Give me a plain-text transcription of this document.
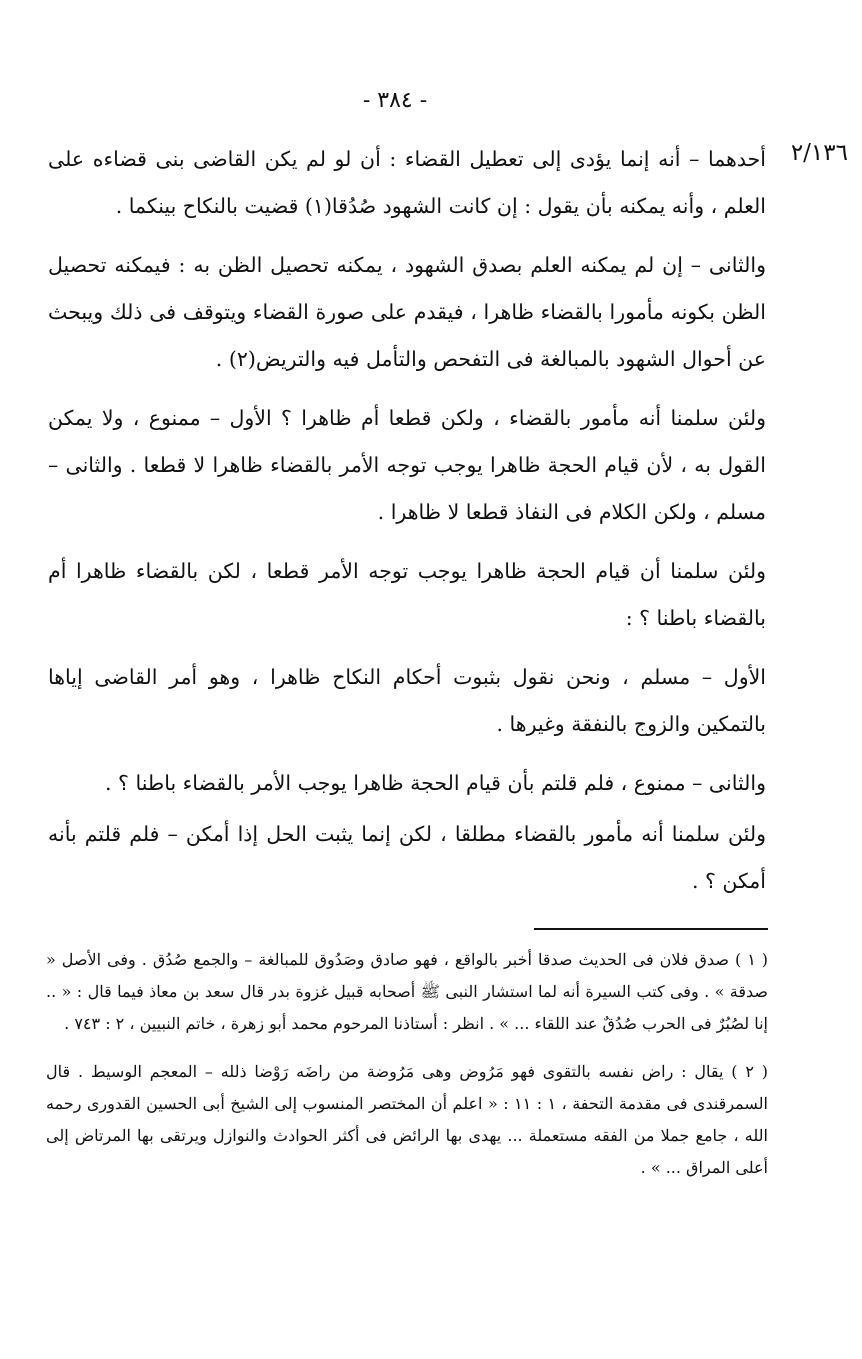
- ٣٨٤ -
٢/١٣٦

أحدهما – أنه إنما يؤدى إلى تعطيل القضاء : أن لو لم يكن القاضى بنى قضاءه على العلم ، وأنه يمكنه بأن يقول : إن كانت الشهود صُدُقا(١) قضيت بالنكاح بينكما .

والثانى – إن لم يمكنه العلم بصدق الشهود ، يمكنه تحصيل الظن به : فيمكنه تحصيل الظن بكونه مأمورا بالقضاء ظاهرا ، فيقدم على صورة القضاء ويتوقف فى ذلك ويبحث عن أحوال الشهود بالمبالغة فى التفحص والتأمل فيه والتريض(٢) .

ولئن سلمنا أنه مأمور بالقضاء ، ولكن قطعا أم ظاهرا ؟ الأول – ممنوع ، ولا يمكن القول به ، لأن قيام الحجة ظاهرا يوجب توجه الأمر بالقضاء ظاهرا لا قطعا . والثانى – مسلم ، ولكن الكلام فى النفاذ قطعا لا ظاهرا .

ولئن سلمنا أن قيام الحجة ظاهرا يوجب توجه الأمر قطعا ، لكن بالقضاء ظاهرا أم بالقضاء باطنا ؟ :

الأول – مسلم ، ونحن نقول بثبوت أحكام النكاح ظاهرا ، وهو أمر القاضى إياها بالتمكين والزوج بالنفقة وغيرها .

والثانى – ممنوع ، فلم قلتم بأن قيام الحجة ظاهرا يوجب الأمر بالقضاء باطنا ؟ .

ولئن سلمنا أنه مأمور بالقضاء مطلقا ، لكن إنما يثبت الحل إذا أمكن – فلم قلتم بأنه أمكن ؟ .

( ١ ) صدق فلان فى الحديث صدقا أخبر بالواقع ، فهو صادق وصَدُوق للمبالغة – والجمع صُدُق . وفى الأصل « صدقة » . وفى كتب السيرة أنه لما استشار النبى ﷺ أصحابه قبيل غزوة بدر قال سعد بن معاذ فيما قال : « .. إنا لصُبُرٌ فى الحرب صُدُقٌ عند اللقاء ... » . انظر : أستاذنا المرحوم محمد أبو زهرة ، خاتم النبيين ، ٢ : ٧٤٣ .

( ٢ ) يقال : راض نفسه بالتقوى فهو مَرُوض وهى مَرُوضة من راضَه رَوْضا ذلله – المعجم الوسيط . قال السمرقندى فى مقدمة التحفة ، ١ : ١١ : « اعلم أن المختصر المنسوب إلى الشيخ أبى الحسين القدورى رحمه الله ، جامع جملا من الفقه مستعملة ... يهدى بها الرائض فى أكثر الحوادث والنوازل ويرتقى بها المرتاض إلى أعلى المراق ... » .
